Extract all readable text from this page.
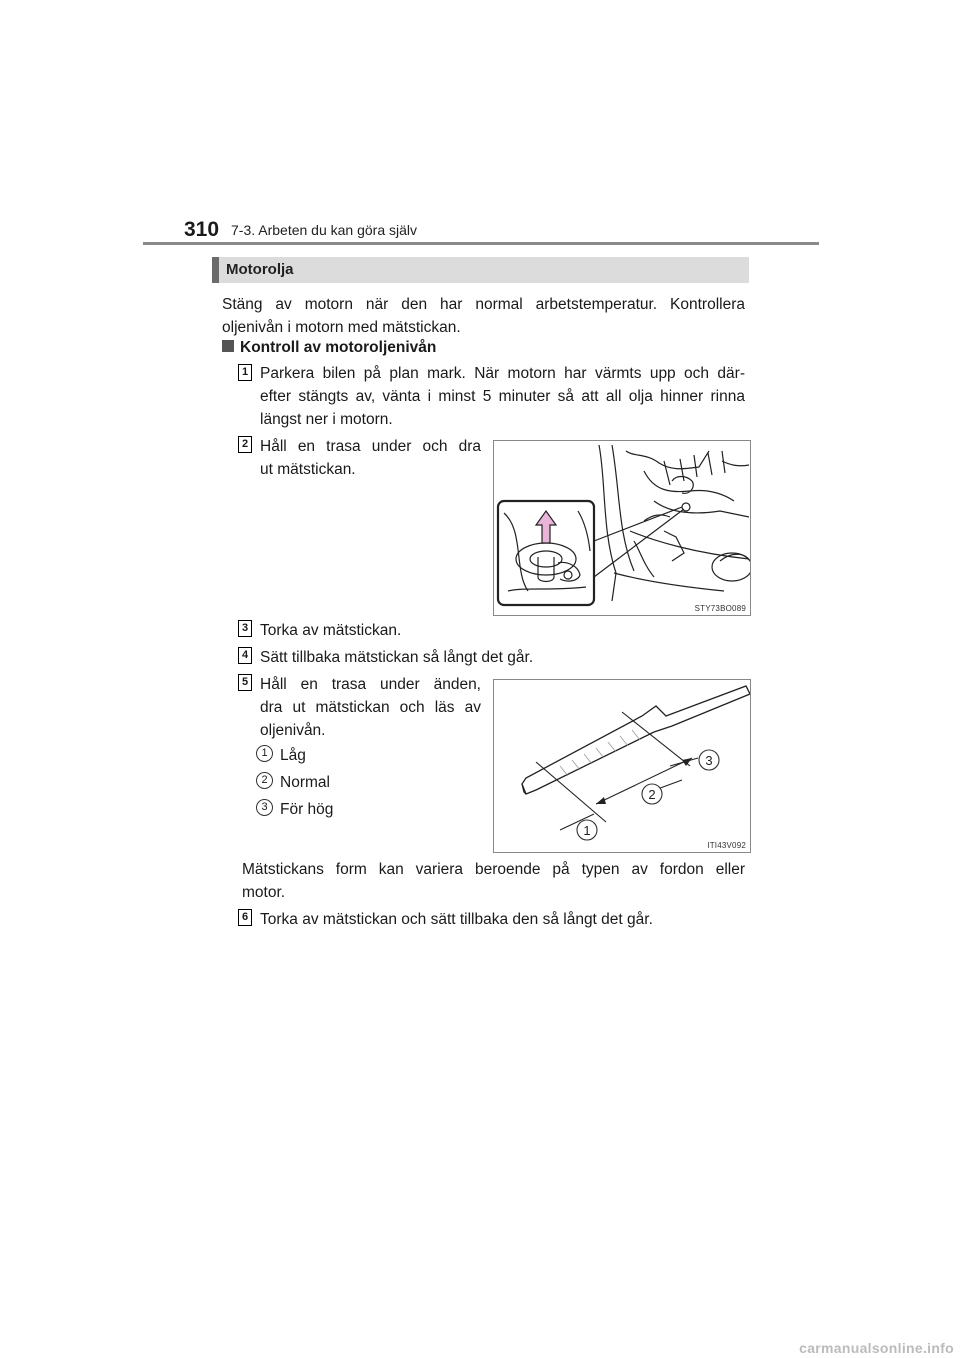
310 7-3. Arbeten du kan göra själv
Motorolja
Stäng av motorn när den har normal arbetstemperatur. Kontrollera
oljenivån i motorn med mätstickan.
Kontroll av motoroljenivån
1 Parkera bilen på plan mark. När motorn har värmts upp och där-
efter stängts av, vänta i minst 5 minuter så att all olja hinner rinna
längst ner i motorn.
2 Håll en trasa under och dra
ut mätstickan.
STY73BO089
3 Torka av mätstickan.
4 Sätt tillbaka mätstickan så långt det går.
5 Håll en trasa under änden,
dra ut mätstickan och läs av
oljenivån.
1 Låg
2 Normal
3 För hög
1
2
3
ITI43V092
Mätstickans form kan variera beroende på typen av fordon eller
motor.
6 Torka av mätstickan och sätt tillbaka den så långt det går.
carmanualsonline.info
